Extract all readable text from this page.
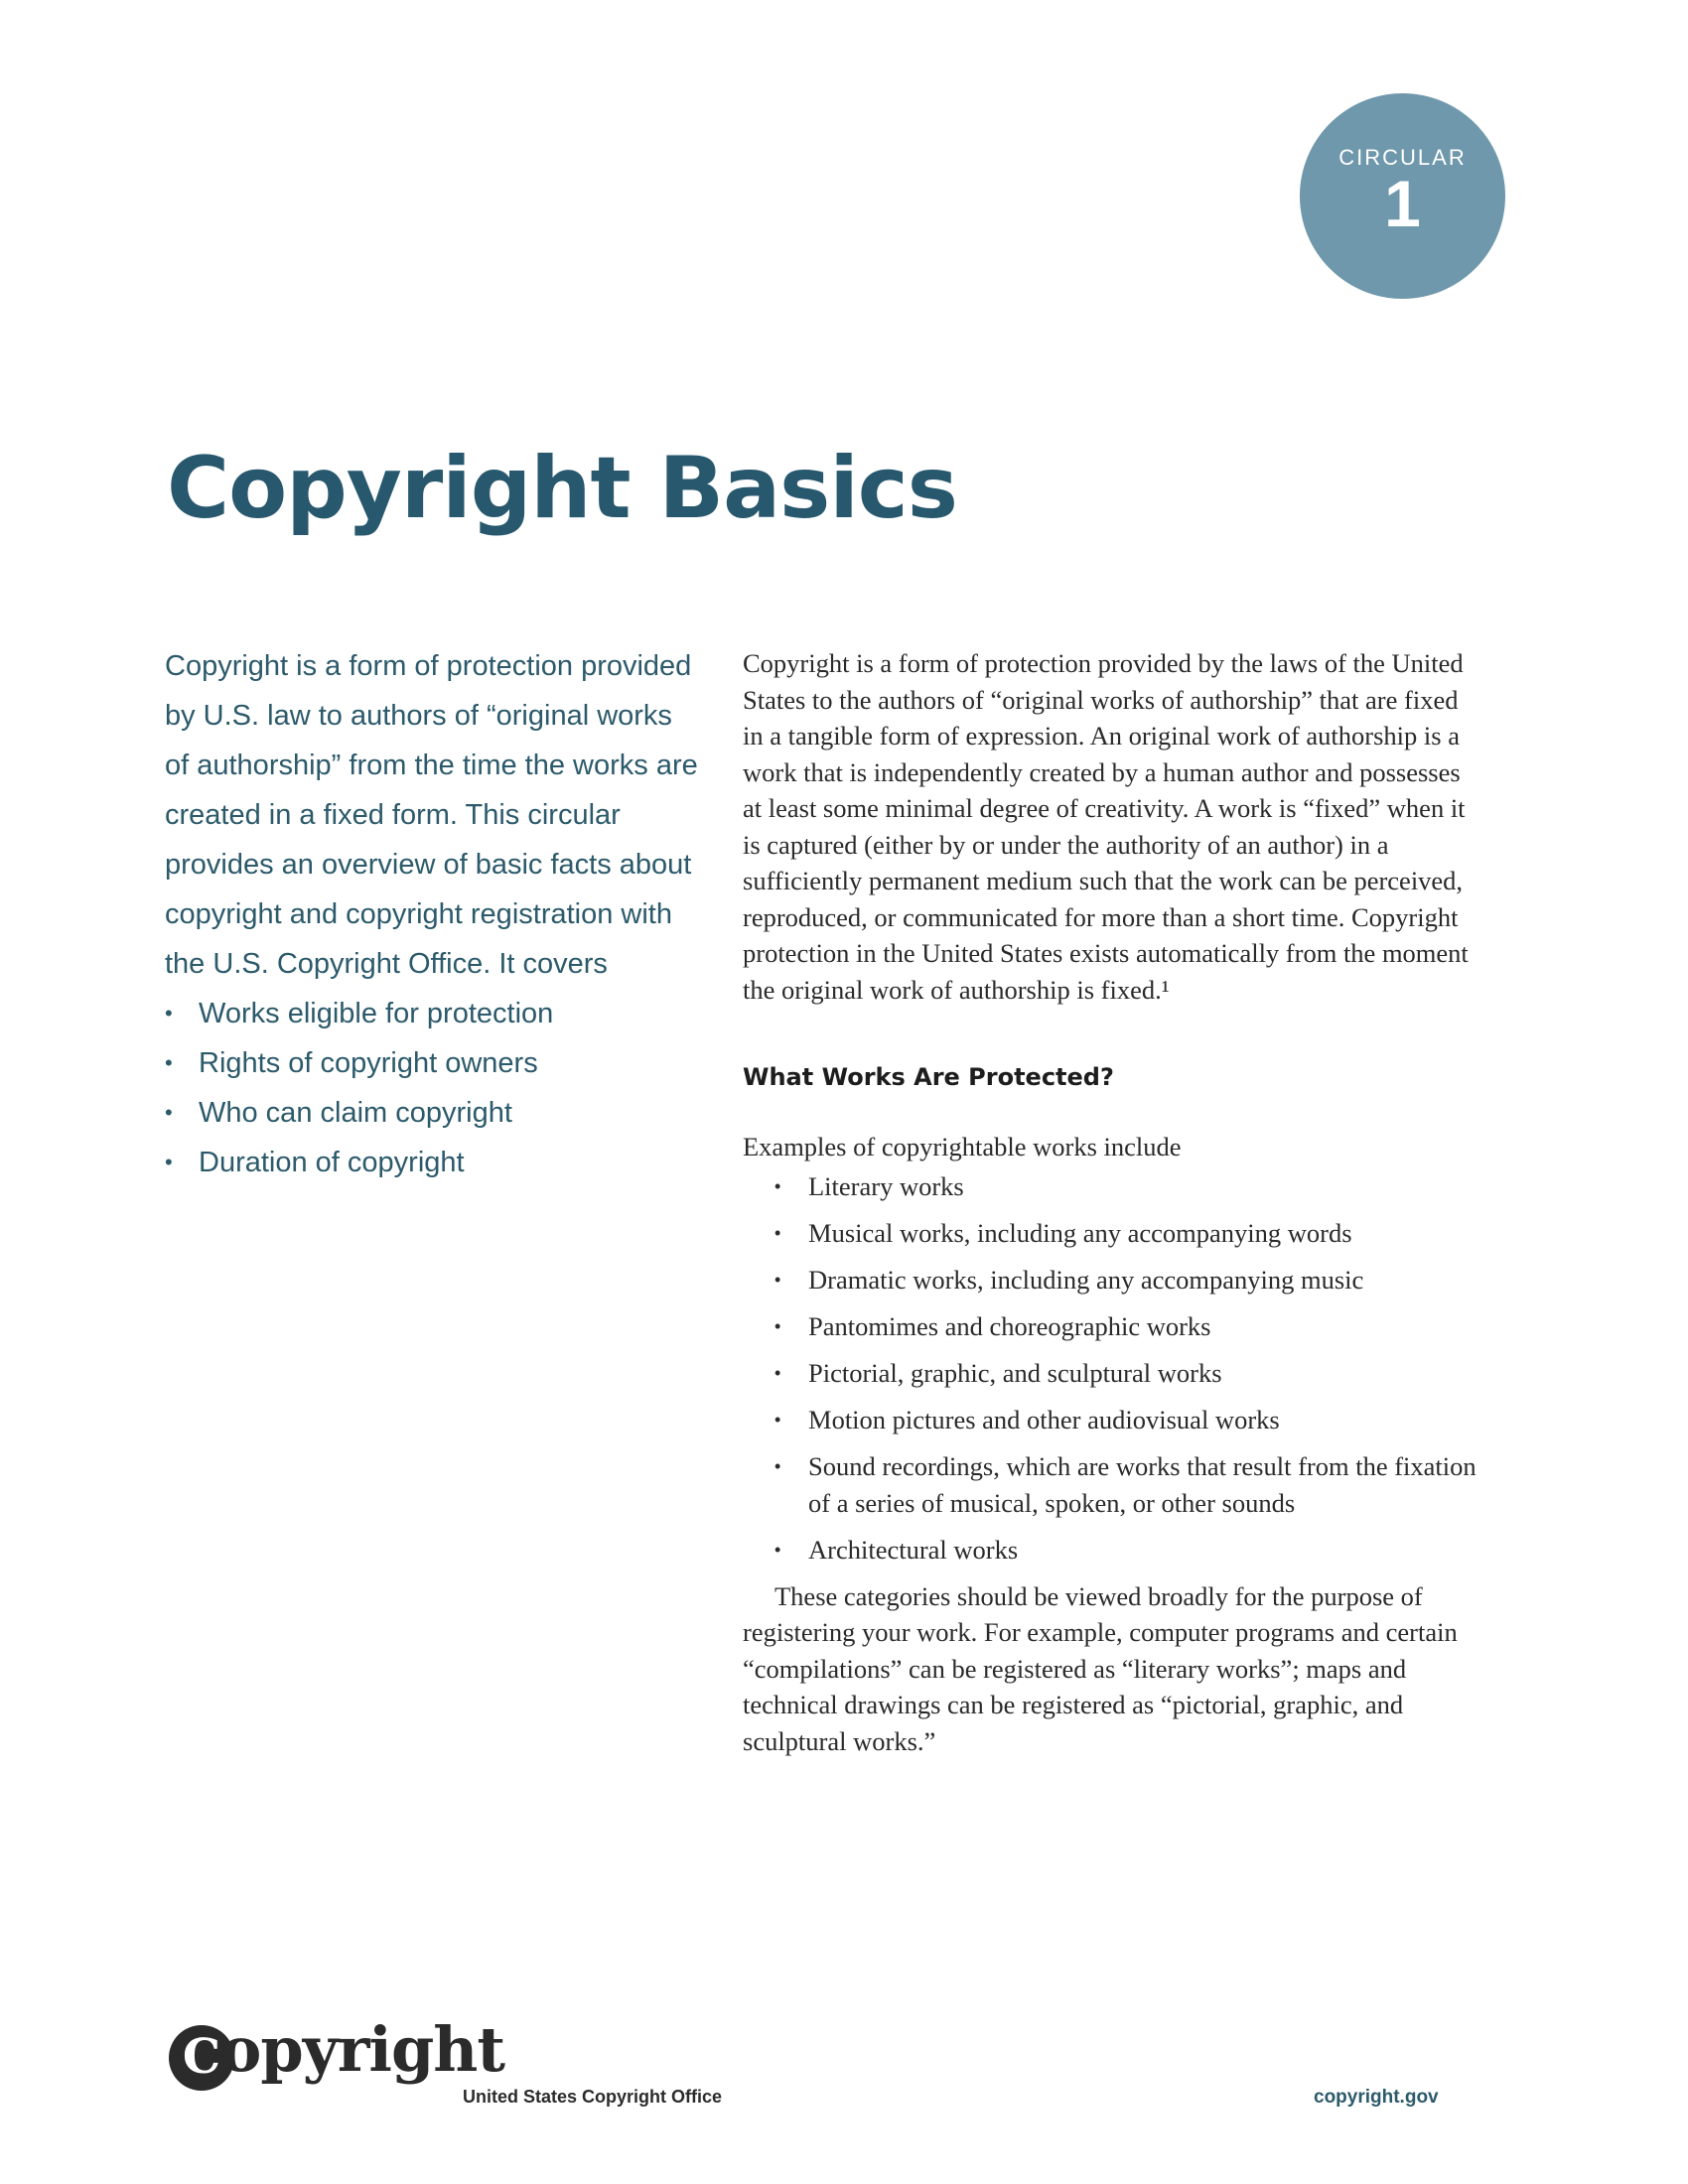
CIRCULAR
1
Copyright Basics

Copyright is a form of protection provided by U.S. law to authors of “original works of authorship” from the time the works are created in a fixed form. This circular provides an overview of basic facts about copyright and copyright registration with the U.S. Copyright Office. It covers

• Works eligible for protection
• Rights of copyright owners
• Who can claim copyright
• Duration of copyright

Copyright is a form of protection provided by the laws of the United States to the authors of “original works of authorship” that are fixed in a tangible form of expression. An original work of authorship is a work that is independently created by a human author and possesses at least some minimal degree of creativity. A work is “fixed” when it is captured (either by or under the authority of an author) in a sufficiently permanent medium such that the work can be perceived, reproduced, or communicated for more than a short time. Copyright protection in the United States exists automatically from the moment the original work of authorship is fixed.¹

What Works Are Protected?

Examples of copyrightable works include

• Literary works
• Musical works, including any accompanying words
• Dramatic works, including any accompanying music
• Pantomimes and choreographic works
• Pictorial, graphic, and sculptural works
• Motion pictures and other audiovisual works
• Sound recordings, which are works that result from the fixation of a series of musical, spoken, or other sounds
• Architectural works

These categories should be viewed broadly for the purpose of registering your work. For example, computer programs and certain “compilations” can be registered as “literary works”; maps and technical drawings can be registered as “pictorial, graphic, and sculptural works.”

C opyright
United States Copyright Office	copyright.gov
